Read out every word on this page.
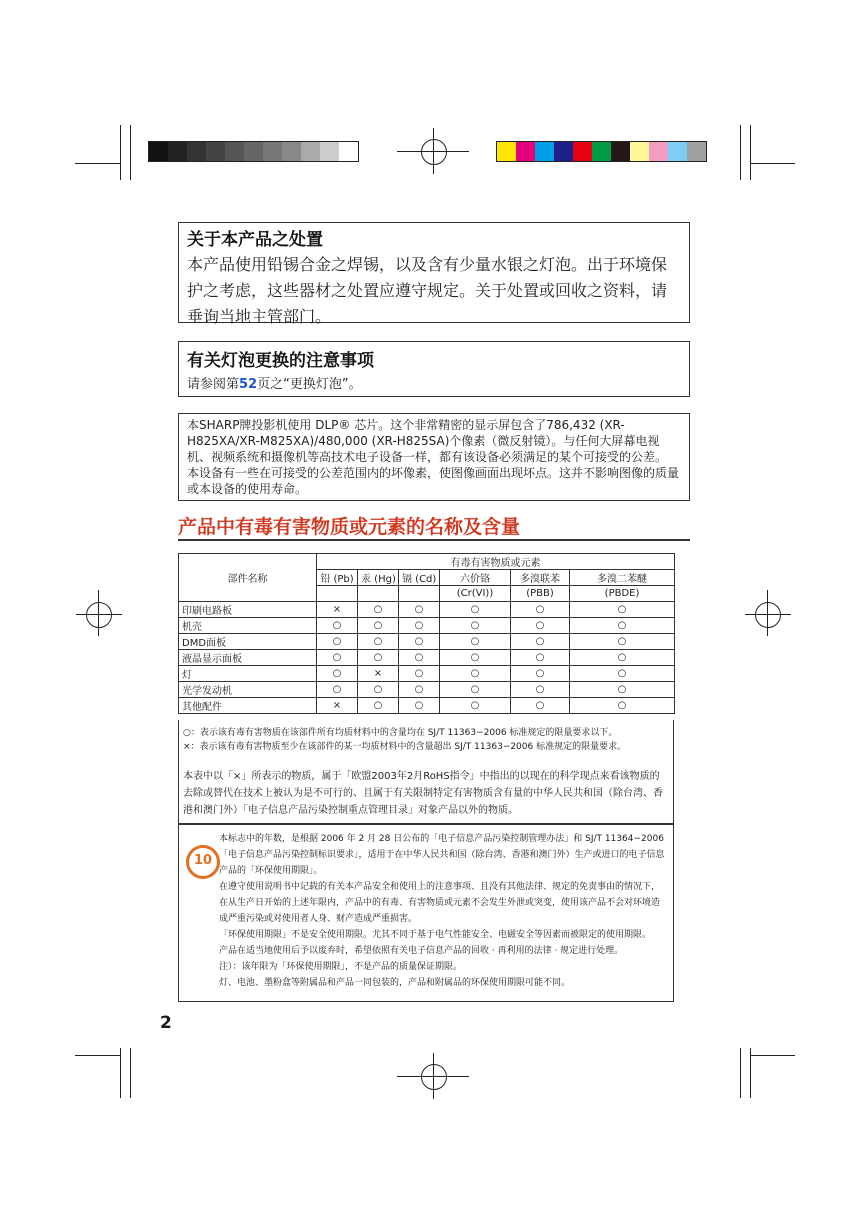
关于本产品之处置
本产品使用铅锡合金之焊锡，以及含有少量水银之灯泡。出于环境保护之考虑，这些器材之处置应遵守规定。关于处置或回收之资料，请垂询当地主管部门。
有关灯泡更换的注意事项
请参阅第52页之“更换灯泡”。
本SHARP牌投影机使用 DLP® 芯片。这个非常精密的显示屏包含了786,432 (XR-H825XA/XR-M825XA)/480,000 (XR-H825SA)个像素（微反射镜）。与任何大屏幕电视机、视频系统和摄像机等高技术电子设备一样，都有该设备必须满足的某个可接受的公差。
本设备有一些在可接受的公差范围内的坏像素，使图像画面出现坏点。这并不影响图像的质量或本设备的使用寿命。
产品中有毒有害物质或元素的名称及含量
部件名称	有毒有害物质或元素					
	铅 (Pb)	汞 (Hg)	镉 (Cd)	六价铬	多溴联苯	多溴二苯醚
				(Cr(VI))	(PBB)	(PBDE)
印刷电路板	×	○	○	○	○	○
机壳	○	○	○	○	○	○
DMD面板	○	○	○	○	○	○
液晶显示面板	○	○	○	○	○	○
灯	○	×	○	○	○	○
光学发动机	○	○	○	○	○	○
其他配件	×	○	○	○	○	○

○：表示该有毒有害物质在该部件所有均质材料中的含量均在 SJ/T 11363−2006 标准规定的限量要求以下。

×：表示该有毒有害物质至少在该部件的某一均质材料中的含量超出 SJ/T 11363−2006 标准规定的限量要求。

本表中以「×」所表示的物质，属于「欧盟2003年2月RoHS指令」中指出的以现在的科学现点来看该物质的去除或替代在技术上被认为是不可行的、且属于有关限制特定有害物质含有量的中华人民共和国（除台湾、香港和澳门外）「电子信息产品污染控制重点管理目录」对象产品以外的物质。

本标志中的年数，是根据 2006 年 2 月 28 日公布的「电子信息产品污染控制管理办法」和 SJ/T 11364−2006「电子信息产品污染控制标识要求」，适用于在中华人民共和国（除台湾、香港和澳门外）生产或进口的电子信息产品的「环保使用期限」。

在遵守使用说明书中记载的有关本产品安全和使用上的注意事项、且没有其他法律、规定的免责事由的情况下，在从生产日开始的上述年限内，产品中的有毒、有害物质或元素不会发生外泄或突变，使用该产品不会对环境造成严重污染或对使用者人身、财产造成严重损害。

「环保使用期限」不是安全使用期限。尤其不同于基于电气性能安全、电磁安全等因素而被限定的使用期限。

产品在适当地使用后予以废弃时，希望依照有关电子信息产品的回收 · 再利用的法律 · 规定进行处理。

注）：该年限为「环保使用期限」，不是产品的质量保证期限。

灯、电池、墨粉盒等附属品和产品一同包装的，产品和附属品的环保使用期限可能不同。

10
2
